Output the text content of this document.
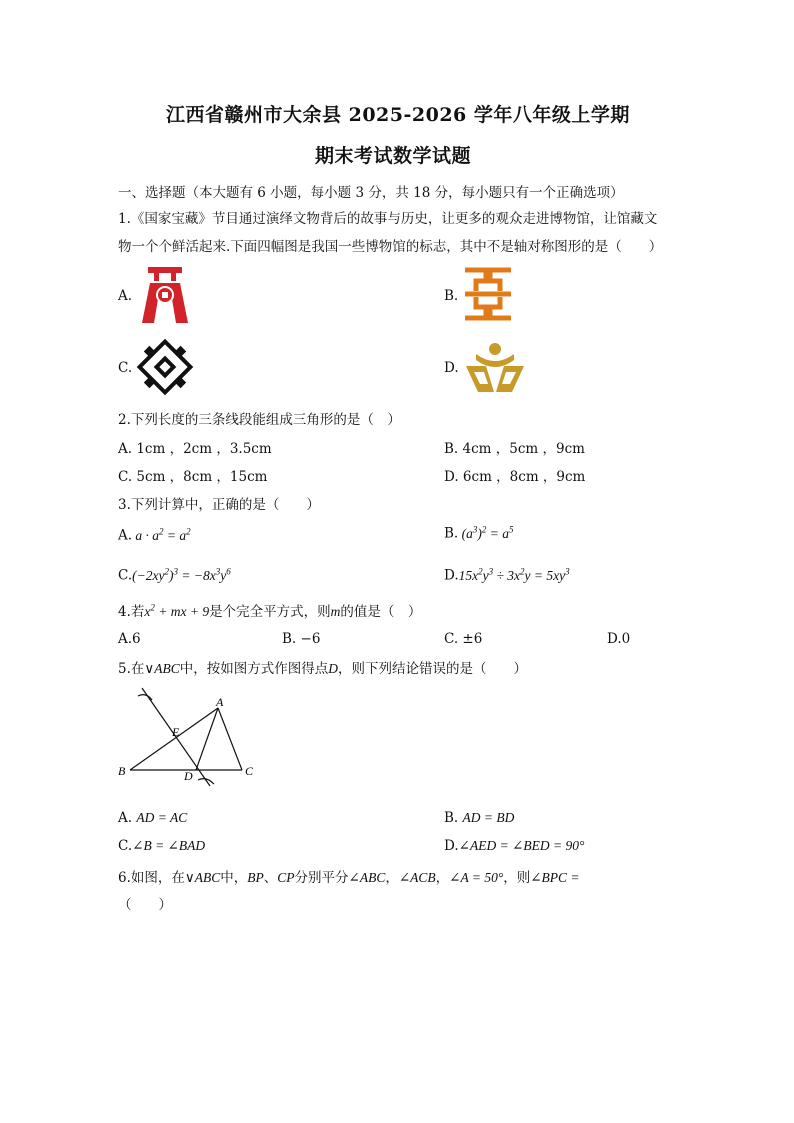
江西省赣州市大余县 2025-2026 学年八年级上学期
期末考试数学试题
一、选择题（本大题有 6 小题，每小题 3 分，共 18 分，每小题只有一个正确选项）
1.《国家宝藏》节目通过演绎文物背后的故事与历史，让更多的观众走进博物馆，让馆藏文
物一个个鲜活起来.下面四幅图是我国一些博物馆的标志，其中不是轴对称图形的是（　　）
A.	B.
C.	D.
2.下列长度的三条线段能组成三角形的是（　）
A. 1cm ，2cm ，3.5cm	B. 4cm ，5cm ，9cm
C. 5cm ，8cm ，15cm	D. 6cm ，8cm ，9cm
3.下列计算中，正确的是（　　）
A. $a \cdot a^2 = a^2$	B. $(a^3)^2 = a^5$
$C.(-2xy^2)^3 = -8x^3y^6$	$D.15x^2y^3 \div 3x^2y = 5xy^3$
4.若$x^2$ + mx + 9是个完全平方式，则m的值是（　）
A.6	B. −6	C. ±6	D.0
5.在∨ABC中，按如图方式作图得点D，则下列结论错误的是（　　）
A
B	C
D
E
A. AD = AC	B. AD = BD
C.∠B = ∠BAD	D.∠AED = ∠BED = 90°
6.如图，在∨ABC中，BP、CP分别平分∠ABC，∠ACB，∠A = 50°，则∠BPC =
（　　）
